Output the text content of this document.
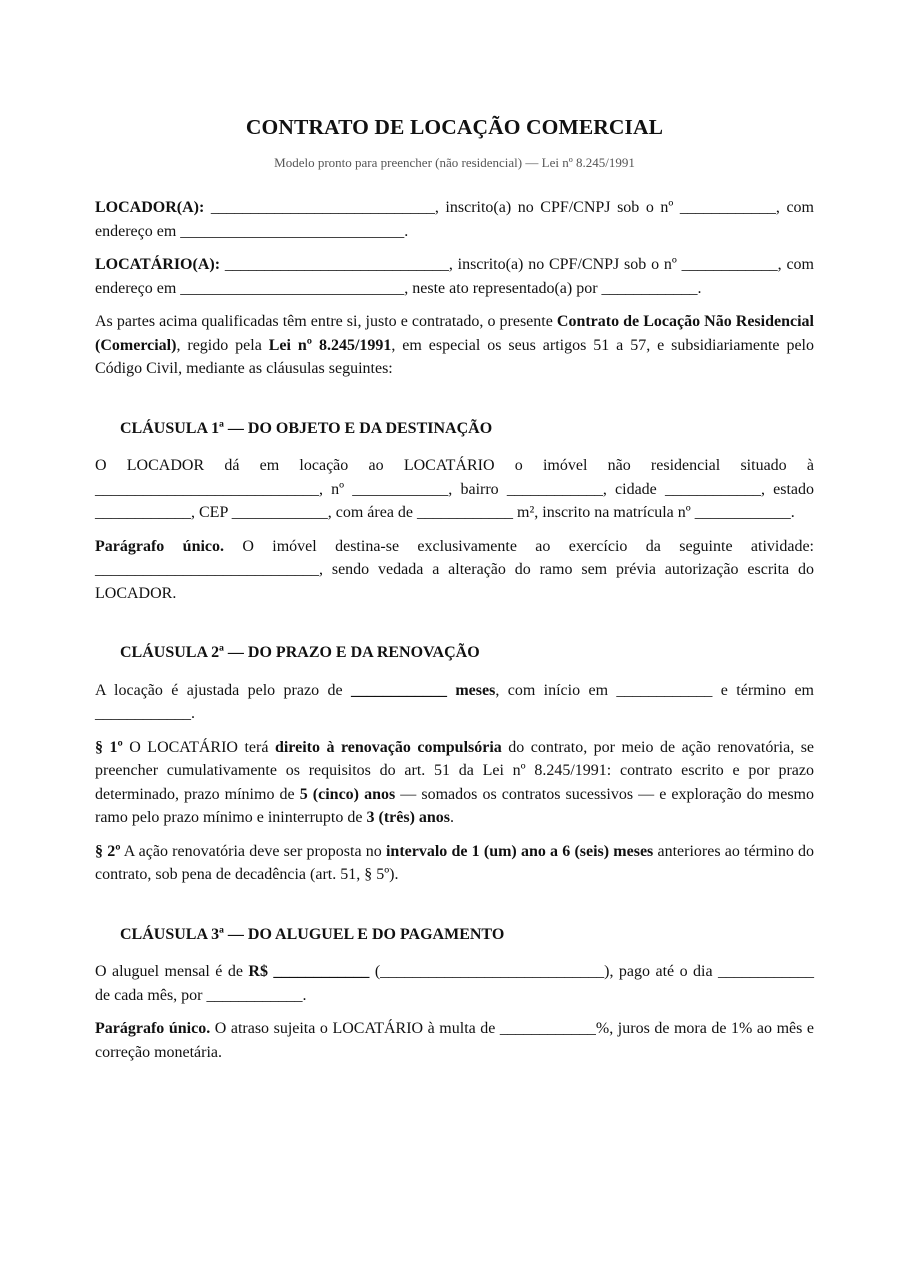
CONTRATO DE LOCAÇÃO COMERCIAL
Modelo pronto para preencher (não residencial) — Lei nº 8.245/1991

LOCADOR(A): ____________________________, inscrito(a) no CPF/CNPJ sob o nº ____________, com endereço em ____________________________.

LOCATÁRIO(A): ____________________________, inscrito(a) no CPF/CNPJ sob o nº ____________, com endereço em ____________________________, neste ato representado(a) por ____________.

As partes acima qualificadas têm entre si, justo e contratado, o presente Contrato de Locação Não Residencial (Comercial), regido pela Lei nº 8.245/1991, em especial os seus artigos 51 a 57, e subsidiariamente pelo Código Civil, mediante as cláusulas seguintes:

CLÁUSULA 1ª — DO OBJETO E DA DESTINAÇÃO

O LOCADOR dá em locação ao LOCATÁRIO o imóvel não residencial situado à ____________________________, nº ____________, bairro ____________, cidade ____________, estado ____________, CEP ____________, com área de ____________ m², inscrito na matrícula nº ____________.

Parágrafo único. O imóvel destina-se exclusivamente ao exercício da seguinte atividade: ____________________________, sendo vedada a alteração do ramo sem prévia autorização escrita do LOCADOR.

CLÁUSULA 2ª — DO PRAZO E DA RENOVAÇÃO

A locação é ajustada pelo prazo de ____________ meses, com início em ____________ e término em ____________.

§ 1º O LOCATÁRIO terá direito à renovação compulsória do contrato, por meio de ação renovatória, se preencher cumulativamente os requisitos do art. 51 da Lei nº 8.245/1991: contrato escrito e por prazo determinado, prazo mínimo de 5 (cinco) anos — somados os contratos sucessivos — e exploração do mesmo ramo pelo prazo mínimo e ininterrupto de 3 (três) anos.

§ 2º A ação renovatória deve ser proposta no intervalo de 1 (um) ano a 6 (seis) meses anteriores ao término do contrato, sob pena de decadência (art. 51, § 5º).

CLÁUSULA 3ª — DO ALUGUEL E DO PAGAMENTO

O aluguel mensal é de R$ ____________ (____________________________), pago até o dia ____________ de cada mês, por ____________.

Parágrafo único. O atraso sujeita o LOCATÁRIO à multa de ____________%, juros de mora de 1% ao mês e correção monetária.
